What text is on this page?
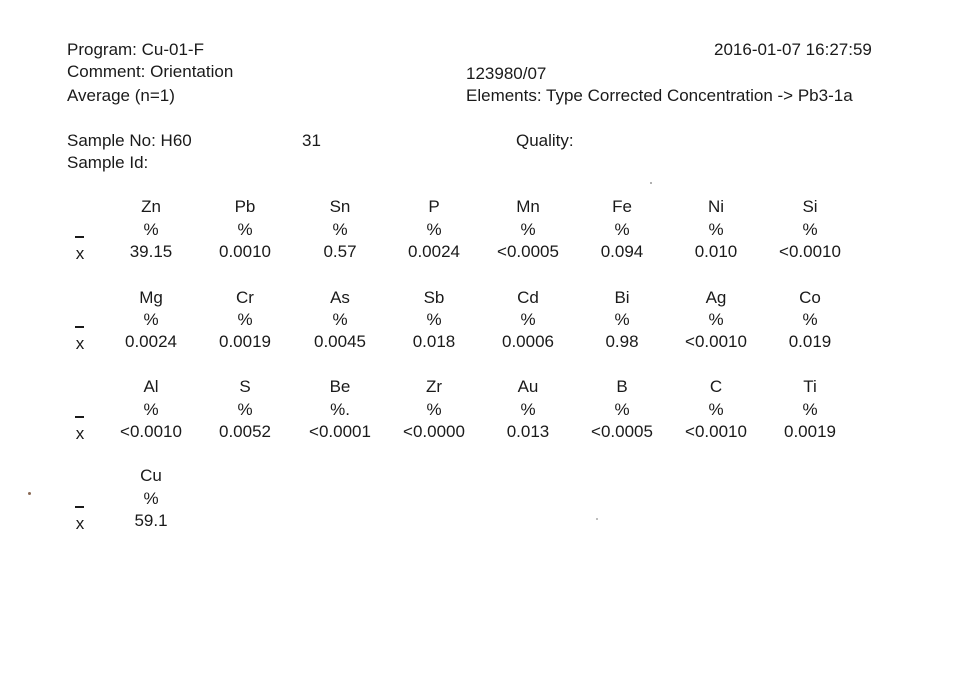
Program: Cu-01-F
Comment: Orientation
Average (n=1)
2016-01-07 16:27:59
123980/07
Elements: Type Corrected Concentration -> Pb3-1a
Sample No: H60	31	Quality:
Sample Id:
x
Zn	Pb	Sn	P	Mn	Fe	Ni	Si
%	%	%	%	%	%	%	%
39.15	0.0010	0.57	0.0024	<0.0005	0.094	0.010	<0.0010
x
Mg	Cr	As	Sb	Cd	Bi	Ag	Co
%	%	%	%	%	%	%	%
0.0024	0.0019	0.0045	0.018	0.0006	0.98	<0.0010	0.019
x
Al	S	Be	Zr	Au	B	C	Ti
%	%	%.	%	%	%	%	%
<0.0010	0.0052	<0.0001	<0.0000	0.013	<0.0005	<0.0010	0.0019
x
Cu
%
59.1
